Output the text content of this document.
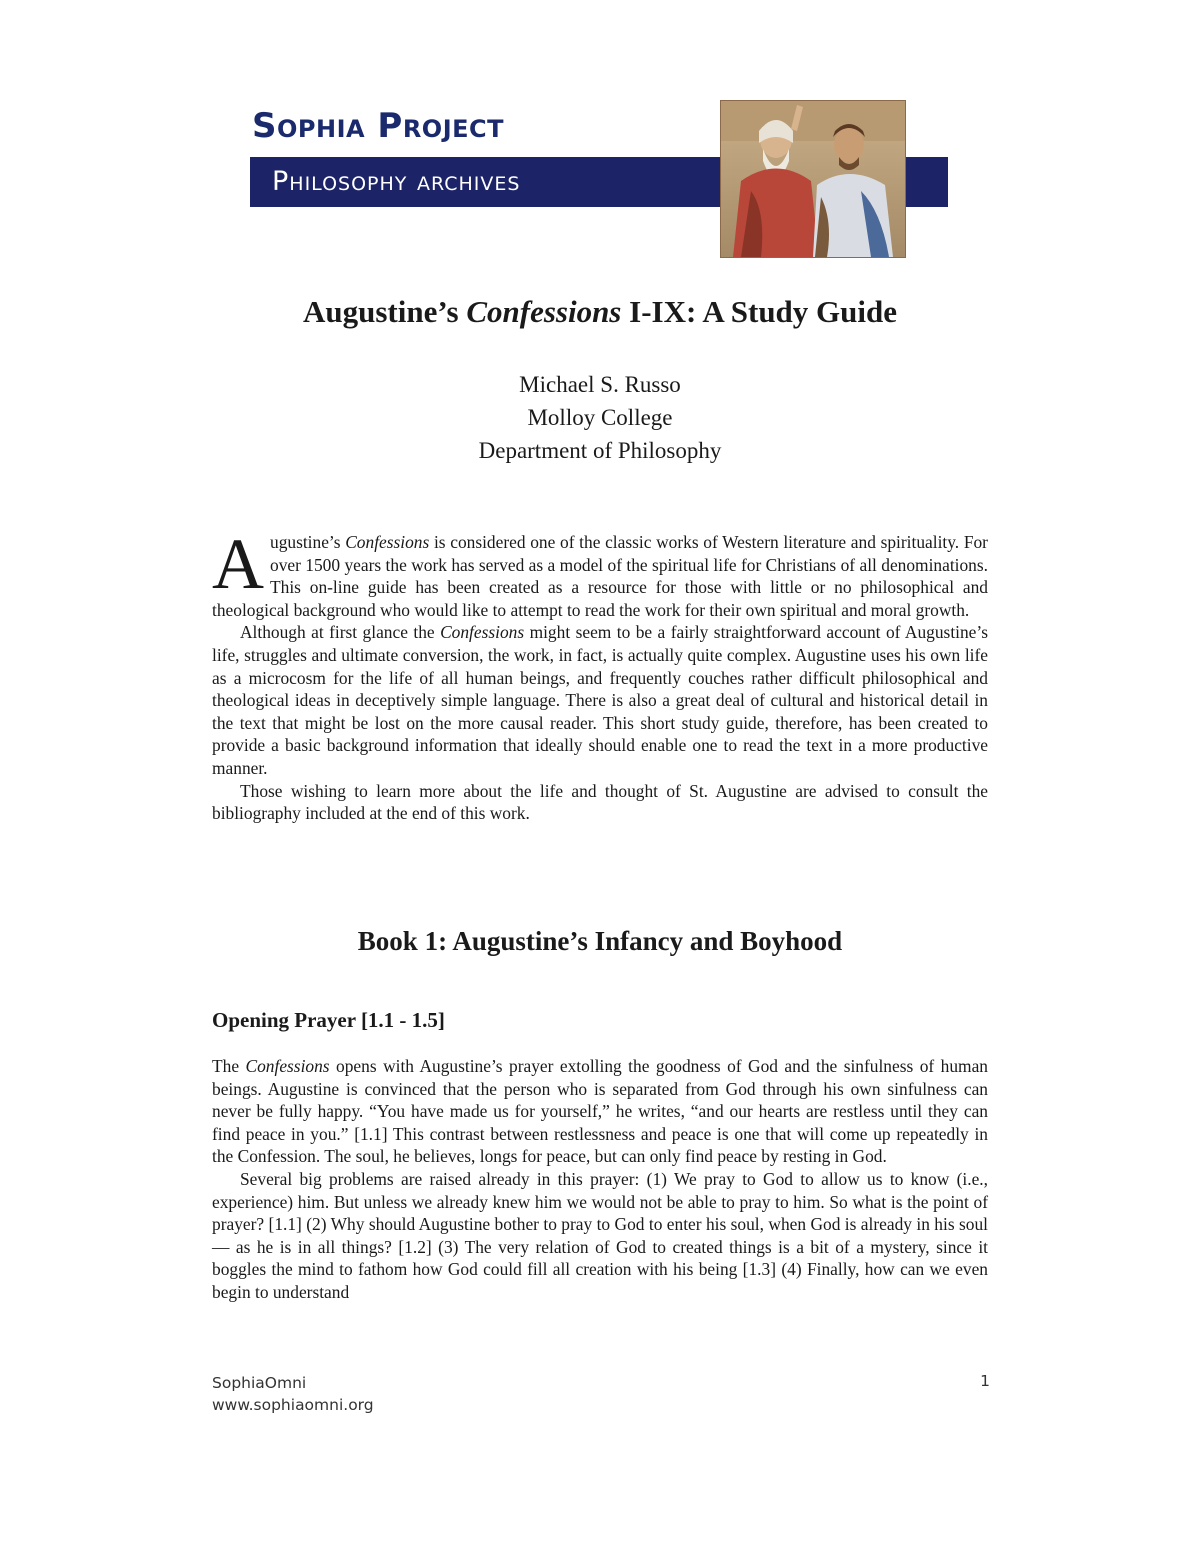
Sophia Project
Philosophy archives
Augustine’s Confessions I-IX: A Study Guide
Michael S. Russo
Molloy College
Department of Philosophy

Augustine’s Confessions is considered one of the classic works of Western literature and spirituality. For over 1500 years the work has served as a model of the spiritual life for Christians of all denominations. This on-line guide has been created as a resource for those with little or no philosophical and theological background who would like to attempt to read the work for their own spiritual and moral growth.

Although at first glance the Confessions might seem to be a fairly straightforward account of Augustine’s life, struggles and ultimate conversion, the work, in fact, is actually quite complex. Augustine uses his own life as a microcosm for the life of all human beings, and frequently couches rather difficult philosophical and theological ideas in deceptively simple language. There is also a great deal of cultural and historical detail in the text that might be lost on the more causal reader. This short study guide, therefore, has been created to provide a basic background information that ideally should enable one to read the text in a more productive manner.

Those wishing to learn more about the life and thought of St. Augustine are advised to consult the bibliography included at the end of this work.

Book 1: Augustine’s Infancy and Boyhood
Opening Prayer [1.1 - 1.5]

The Confessions opens with Augustine’s prayer extolling the goodness of God and the sinfulness of human beings. Augustine is convinced that the person who is separated from God through his own sinfulness can never be fully happy. “You have made us for yourself,” he writes, “and our hearts are restless until they can find peace in you.” [1.1] This contrast between restlessness and peace is one that will come up repeatedly in the Confession. The soul, he believes, longs for peace, but can only find peace by resting in God.

Several big problems are raised already in this prayer: (1) We pray to God to allow us to know (i.e., experience) him. But unless we already knew him we would not be able to pray to him. So what is the point of prayer? [1.1] (2) Why should Augustine bother to pray to God to enter his soul, when God is already in his soul — as he is in all things? [1.2] (3) The very relation of God to created things is a bit of a mystery, since it boggles the mind to fathom how God could fill all creation with his being [1.3] (4) Finally, how can we even begin to understand

SophiaOmni
www.sophiaomni.org
1
